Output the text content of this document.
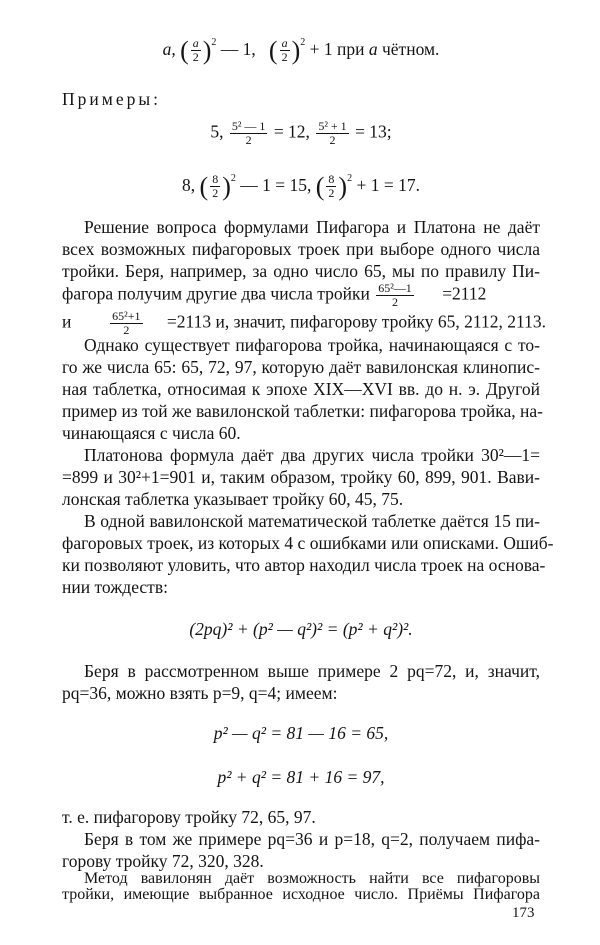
a, ( $\frac{a}{2} )^2$ — 1, ( $\frac{a}{2} )^2 + 1$ при a чётном.
Примеры:
5, $\frac{\text{5² — 1}}{2} = 12$, $\frac{\text{5² + 1}}{2} = 13$;
8, ( $\frac{8}{2} )^2$ — 1 = 15, ( $\frac{8}{2} )^2 + 1 = 17$.
Решение вопроса формулами Пифагора и Платона не даёт
всех возможных пифагоровых троек при выборе одного числа
тройки. Беря, например, за одно число 65, мы по правилу Пи-
фагора получим другие два числа тройки $\frac{\text{65²—1}}{2} =2112$
и	$\frac{\text{65²+1}}{2} =2113$ и, значит, пифагорову тройку 65, 2112, 2113.
Однако существует пифагорова тройка, начинающаяся с то-
го же числа 65: 65, 72, 97, которую даёт вавилонская клинопис-
ная таблетка, относимая к эпохе XIX—XVI вв. до н. э. Другой
пример из той же вавилонской таблетки: пифагорова тройка, на-
чинающаяся с числа 60.
Платонова формула даёт два других числа тройки 30²—1=
=899 и 30²+1=901 и, таким образом, тройку 60, 899, 901. Вави-
лонская таблетка указывает тройку 60, 45, 75.
В одной вавилонской математической таблетке даётся 15 пи-
фагоровых троек, из которых 4 с ошибками или описками. Ошиб-
ки позволяют уловить, что автор находил числа троек на основа-
нии тождеств:
(2pq)² + (p² — q²)² = (p² + q²)².
Беря в рассмотренном выше примере 2 pq=72, и, значит,
pq=36, можно взять p=9, q=4; имеем:
p² — q² = 81 — 16 = 65,
p² + q² = 81 + 16 = 97,
т. е. пифагорову тройку 72, 65, 97.
Беря в том же примере pq=36 и p=18, q=2, получаем пифа-
горову тройку 72, 320, 328.
Метод вавилонян даёт возможность найти все пифагоровы
тройки, имеющие выбранное исходное число. Приёмы Пифагора
173
